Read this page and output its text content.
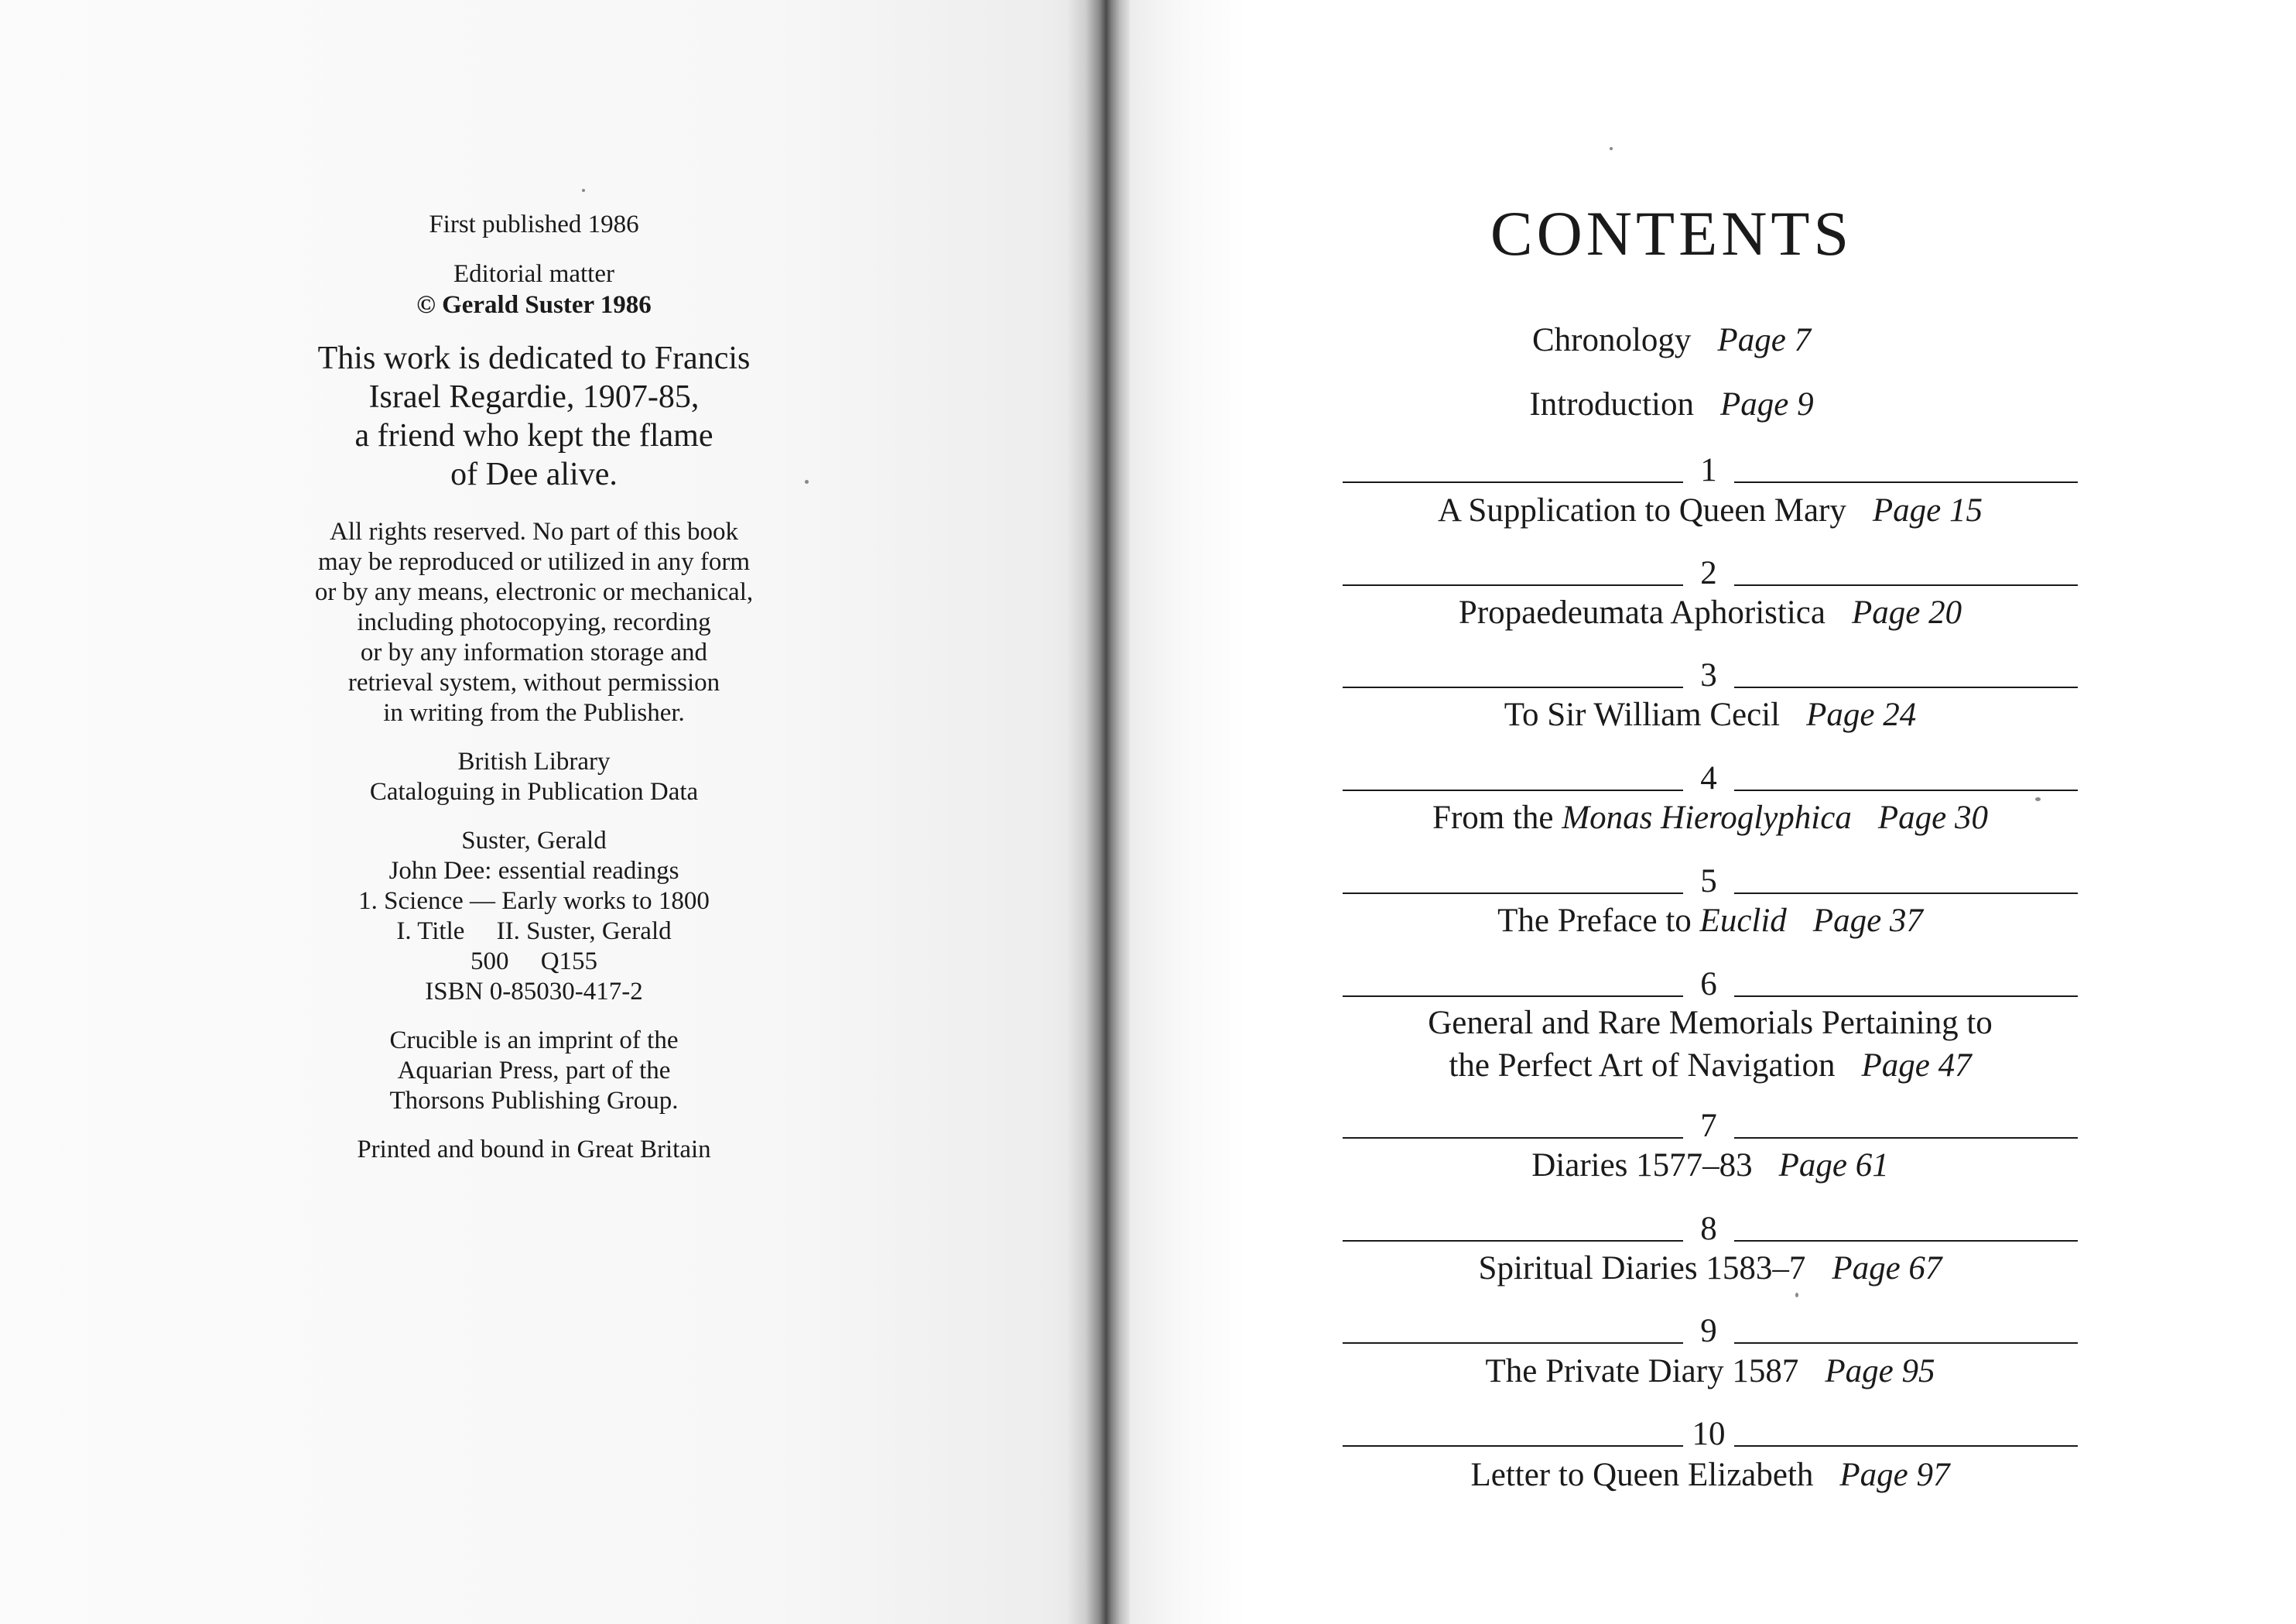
First published 1986
Editorial matter
© Gerald Suster 1986
This work is dedicated to Francis
Israel Regardie, 1907-85,
a friend who kept the flame
of Dee alive.
All rights reserved. No part of this book
may be reproduced or utilized in any form
or by any means, electronic or mechanical,
including photocopying, recording
or by any information storage and
retrieval system, without permission
in writing from the Publisher.
British Library
Cataloguing in Publication Data
Suster, Gerald
John Dee: essential readings
1. Science — Early works to 1800
I. Title     II. Suster, Gerald
500     Q155
ISBN 0-85030-417-2
Crucible is an imprint of the
Aquarian Press, part of the
Thorsons Publishing Group.
Printed and bound in Great Britain
CONTENTS
Chronology Page 7
Introduction Page 9
1
A Supplication to Queen Mary Page 15
2
Propaedeumata Aphoristica Page 20
3
To Sir William Cecil Page 24
4
From the Monas Hieroglyphica Page 30
5
The Preface to Euclid Page 37
6
General and Rare Memorials Pertaining to
the Perfect Art of Navigation Page 47
7
Diaries 1577–83 Page 61
8
Spiritual Diaries 1583–7 Page 67
9
The Private Diary 1587 Page 95
10
Letter to Queen Elizabeth Page 97
